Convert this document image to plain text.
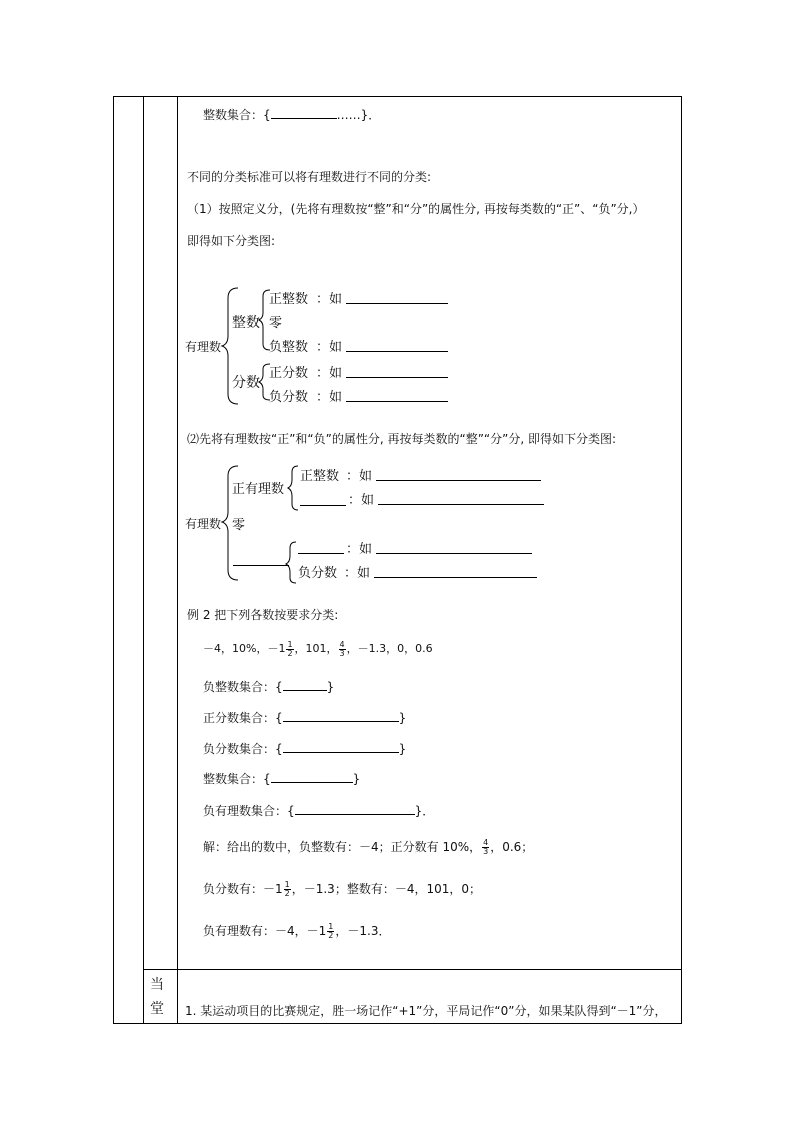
整数集合：{	……}．
不同的分类标准可以将有理数进行不同的分类:
（1）按照定义分，(先将有理数按“整”和“分”的属性分, 再按每类数的“正”、“负”分,）
即得如下分类图:
有理数
整数
分数
正整数 ：如
零
负整数 ：如
正分数 ：如
负分数 ：如
⑵先将有理数按“正”和“负”的属性分, 再按每类数的“整”“分”分, 即得如下分类图:
有理数
正有理数
正整数 ：如
：如
零
：如
负分数 ：如
例 2 把下列各数按要求分类:
－4，10%，$-1 \frac{1}{2}$ ，101， $\frac{4}{3}$ ，－1.3，0，0.6
负整数集合：{	}
正分数集合：{	}
负分数集合：{	}
整数集合：{	}
负有理数集合：{	}．
解：给出的数中，负整数有：－4；正分数有 10%， $\frac{4}{3}$ ，0.6；
负分数有：$-1 \frac{1}{2}$ ，－1.3；整数有：－4，101，0；
负有理数有：－4，$-1 \frac{1}{2}$ ，－1.3．
当
堂 1. 某运动项目的比赛规定，胜一场记作“+1”分，平局记作“0”分，如果某队得到“－1”分，
